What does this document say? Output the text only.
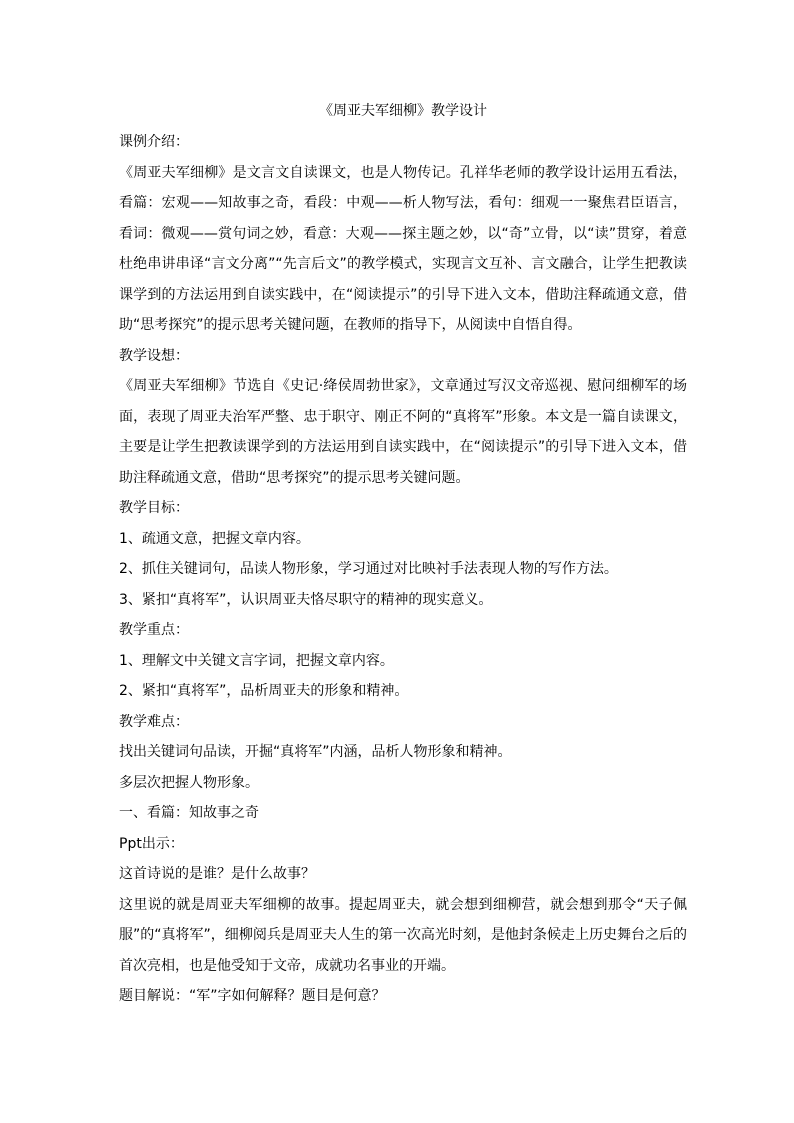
《周亚夫军细柳》教学设计

课例介绍：

《周亚夫军细柳》是文言文自读课文，也是人物传记。孔祥华老师的教学设计运用五看法，看篇：宏观——知故事之奇，看段：中观——析人物写法，看句：细观一一聚焦君臣语言，看词：微观——赏句词之妙，看意：大观——探主题之妙，以“奇”立骨，以“读”贯穿，着意杜绝串讲串译“言文分离”“先言后文”的教学模式，实现言文互补、言文融合，让学生把教读课学到的方法运用到自读实践中，在“阅读提示”的引导下进入文本，借助注释疏通文意，借助“思考探究”的提示思考关键问题，在教师的指导下，从阅读中自悟自得。

教学设想：

《周亚夫军细柳》节选自《史记·绛侯周勃世家》，文章通过写汉文帝巡视、慰问细柳军的场面，表现了周亚夫治军严整、忠于职守、刚正不阿的“真将军”形象。本文是一篇自读课文，主要是让学生把教读课学到的方法运用到自读实践中，在“阅读提示”的引导下进入文本，借助注释疏通文意，借助“思考探究”的提示思考关键问题。

教学目标：

1、疏通文意，把握文章内容。

2、抓住关键词句，品读人物形象，学习通过对比映衬手法表现人物的写作方法。

3、紧扣“真将军”，认识周亚夫恪尽职守的精神的现实意义。

教学重点：

1、理解文中关键文言字词，把握文章内容。

2、紧扣“真将军”，品析周亚夫的形象和精神。

教学难点：

找出关键词句品读，开掘“真将军”内涵，品析人物形象和精神。

多层次把握人物形象。

一、看篇：知故事之奇

Ppt出示：

这首诗说的是谁？是什么故事？

这里说的就是周亚夫军细柳的故事。提起周亚夫，就会想到细柳营，就会想到那令“天子佩服”的“真将军”，细柳阅兵是周亚夫人生的第一次高光时刻，是他封条候走上历史舞台之后的首次亮相，也是他受知于文帝，成就功名事业的开端。

题目解说：“军”字如何解释？题目是何意？
